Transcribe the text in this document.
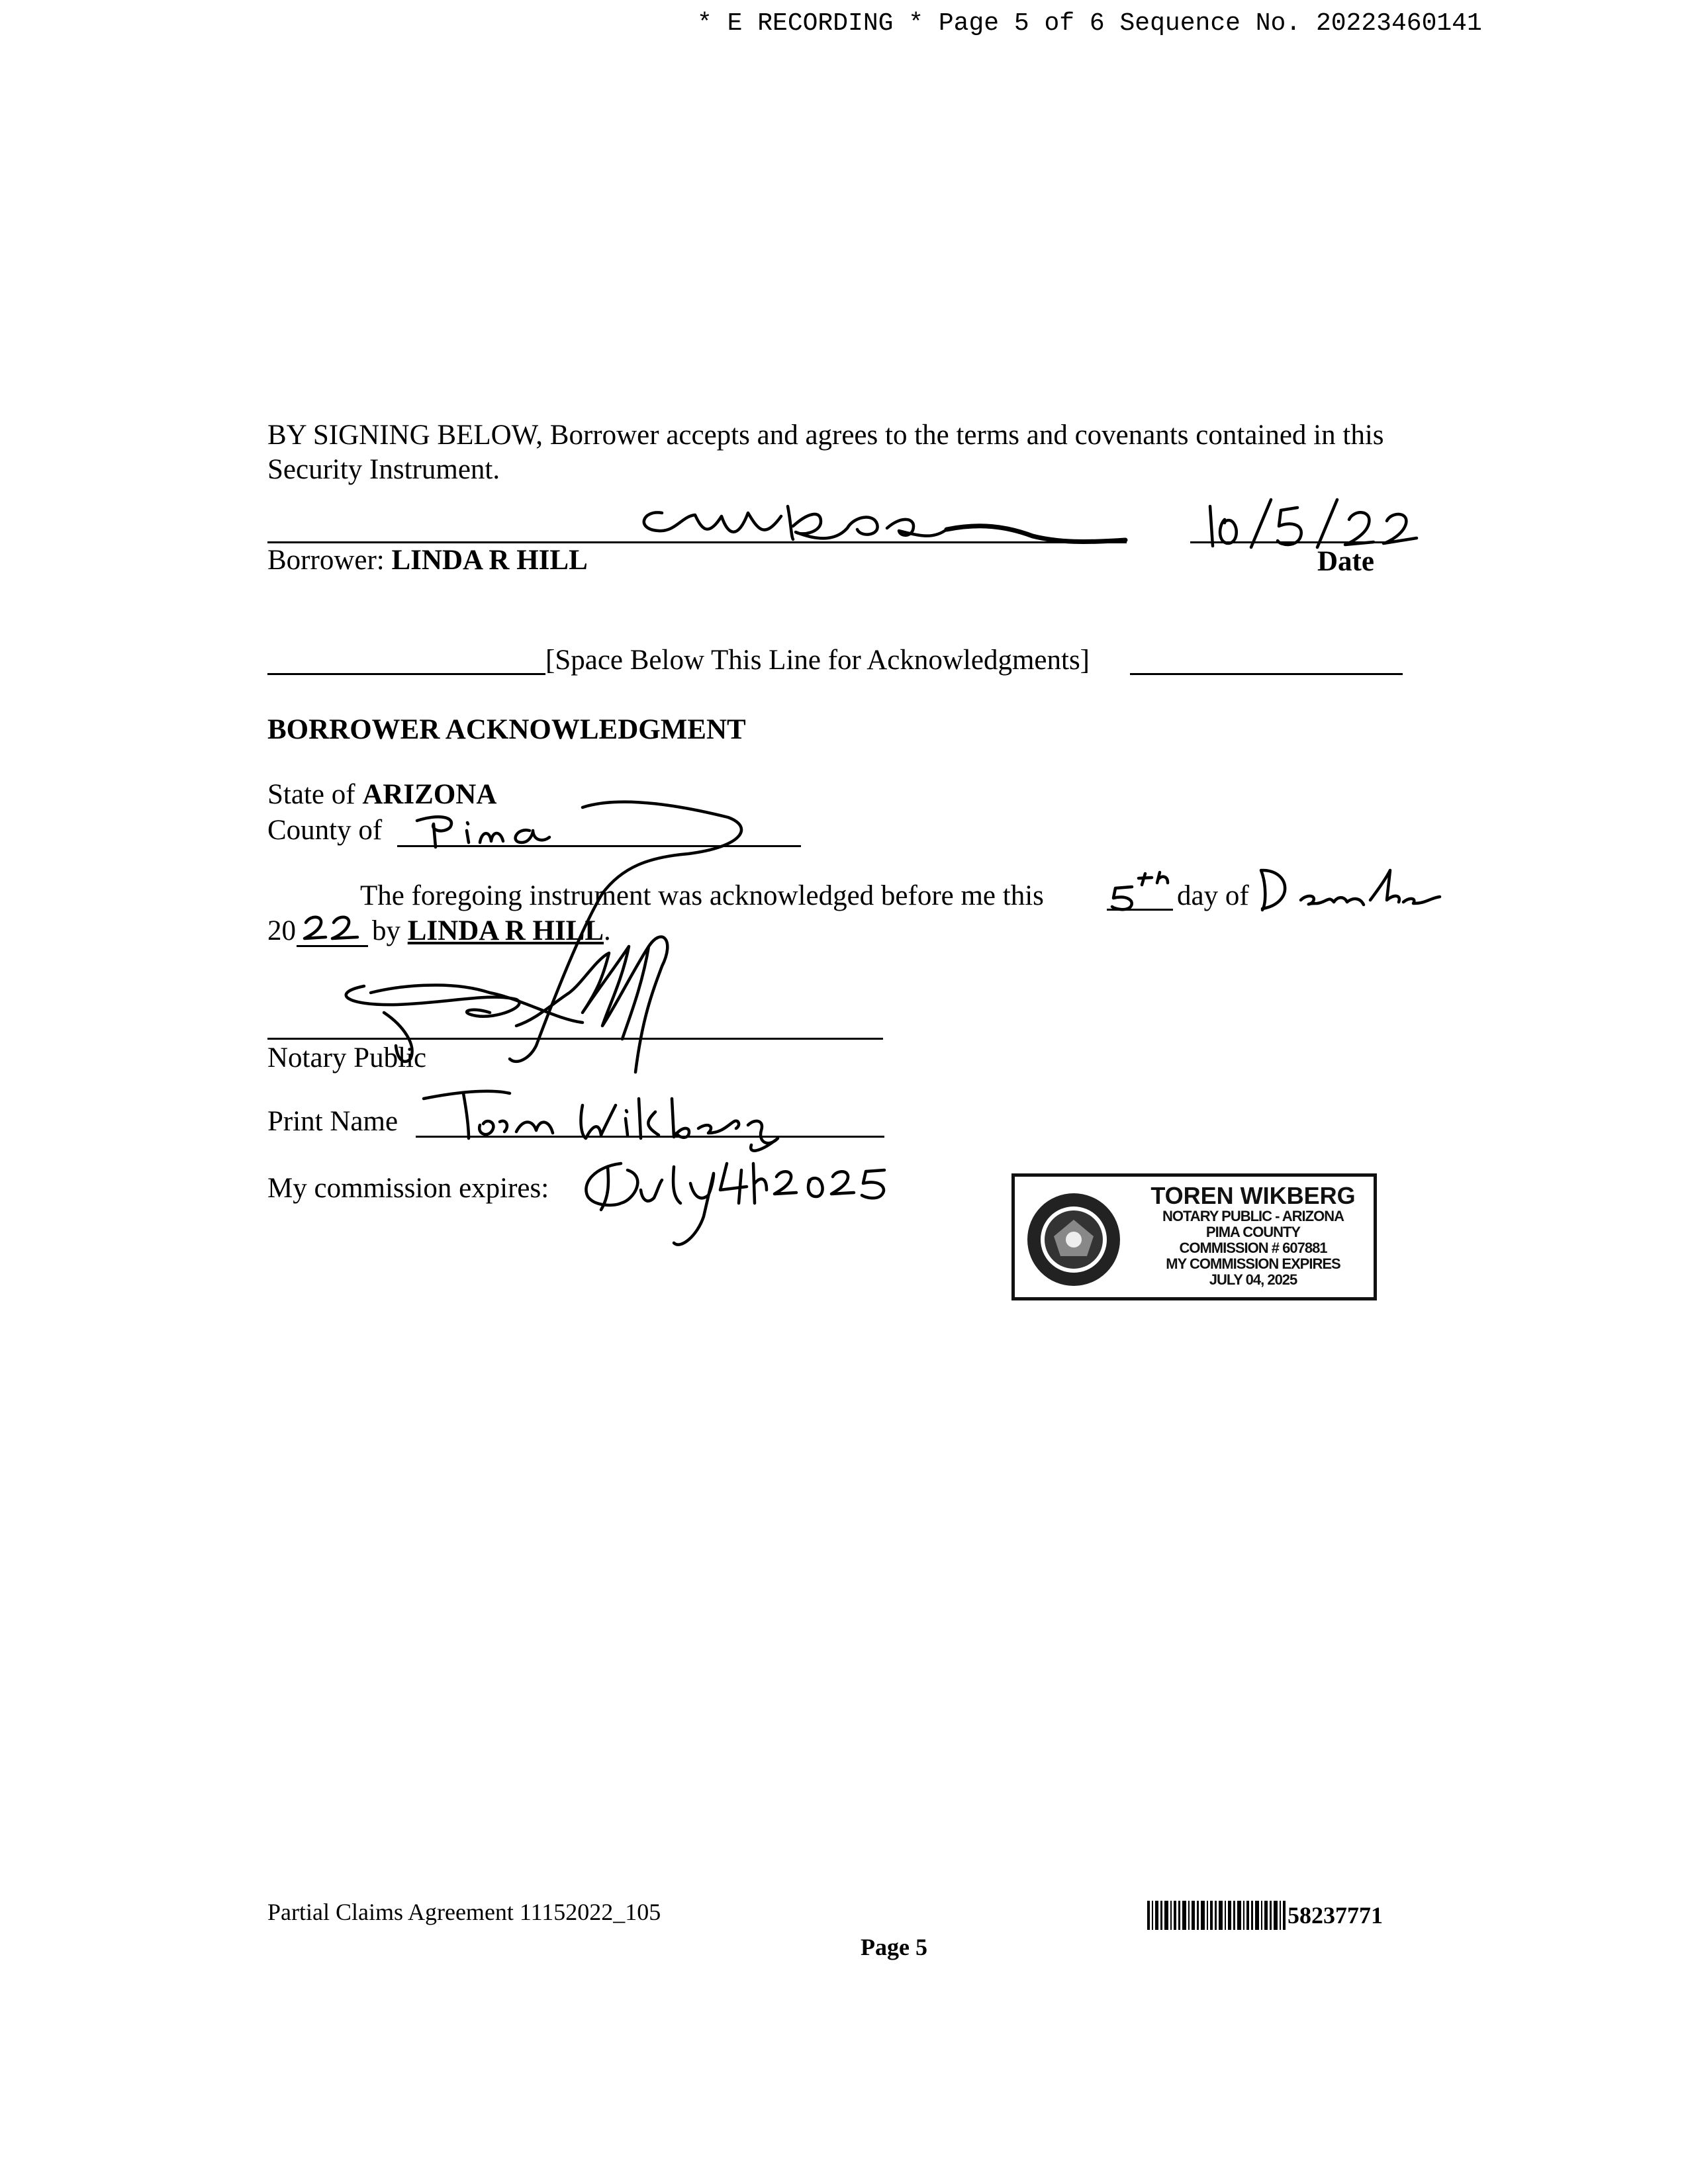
* E RECORDING * Page 5 of 6 Sequence No. 20223460141
BY SIGNING BELOW, Borrower accepts and agrees to the terms and covenants contained in this Security Instrument.
Borrower: LINDA R HILL	Date
[Space Below This Line for Acknowledgments]
BORROWER ACKNOWLEDGMENT
State of ARIZONA
County of
The foregoing instrument was acknowledged before me this	day of
20	by LINDA R HILL.
Notary Public
Print Name
My commission expires:	TOREN WIKBERG
NOTARY PUBLIC - ARIZONA
PIMA COUNTY
COMMISSION # 607881
MY COMMISSION EXPIRES
JULY 04, 2025
Partial Claims Agreement 11152022_105	58237771
Page 5
